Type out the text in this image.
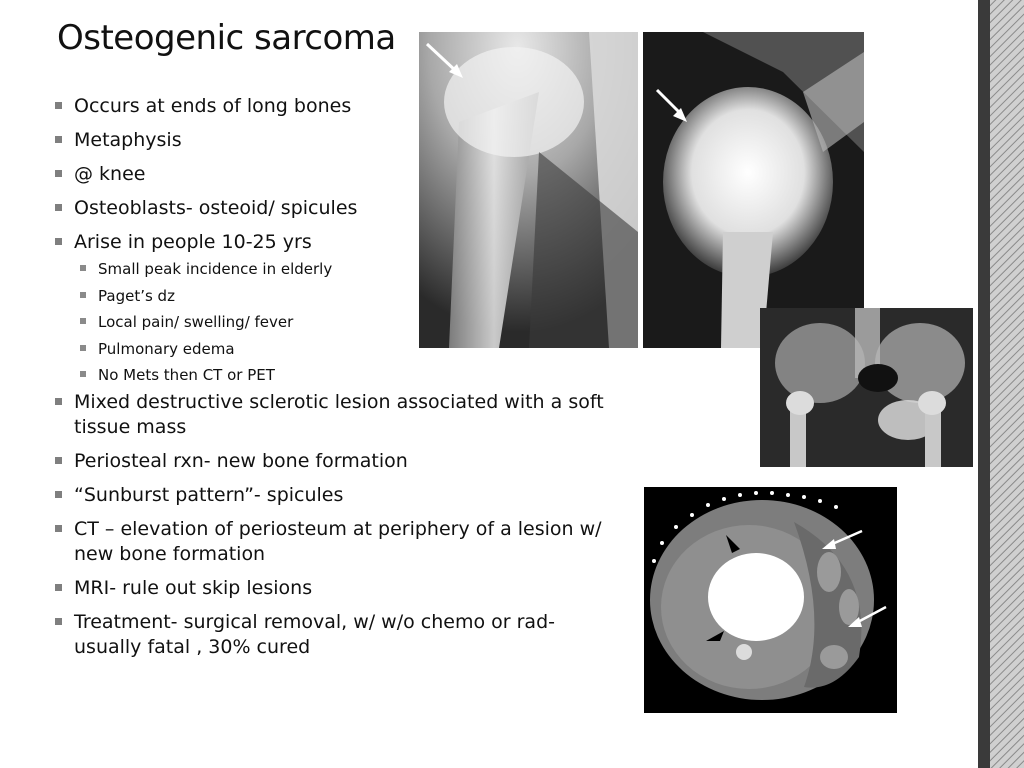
Osteogenic sarcoma
Occurs at ends of long bones
Metaphysis
@ knee
Osteoblasts- osteoid/ spicules
Arise in people 10-25 yrs
Small peak incidence in elderly
Paget’s dz
Local pain/ swelling/ fever
Pulmonary edema
No Mets then CT or PET
Mixed destructive sclerotic lesion associated with a soft tissue mass
Periosteal rxn- new bone formation
“Sunburst pattern”- spicules
CT – elevation of periosteum at periphery of a lesion w/ new bone formation
MRI- rule out skip lesions
Treatment- surgical removal, w/ w/o chemo or rad- usually fatal , 30% cured
